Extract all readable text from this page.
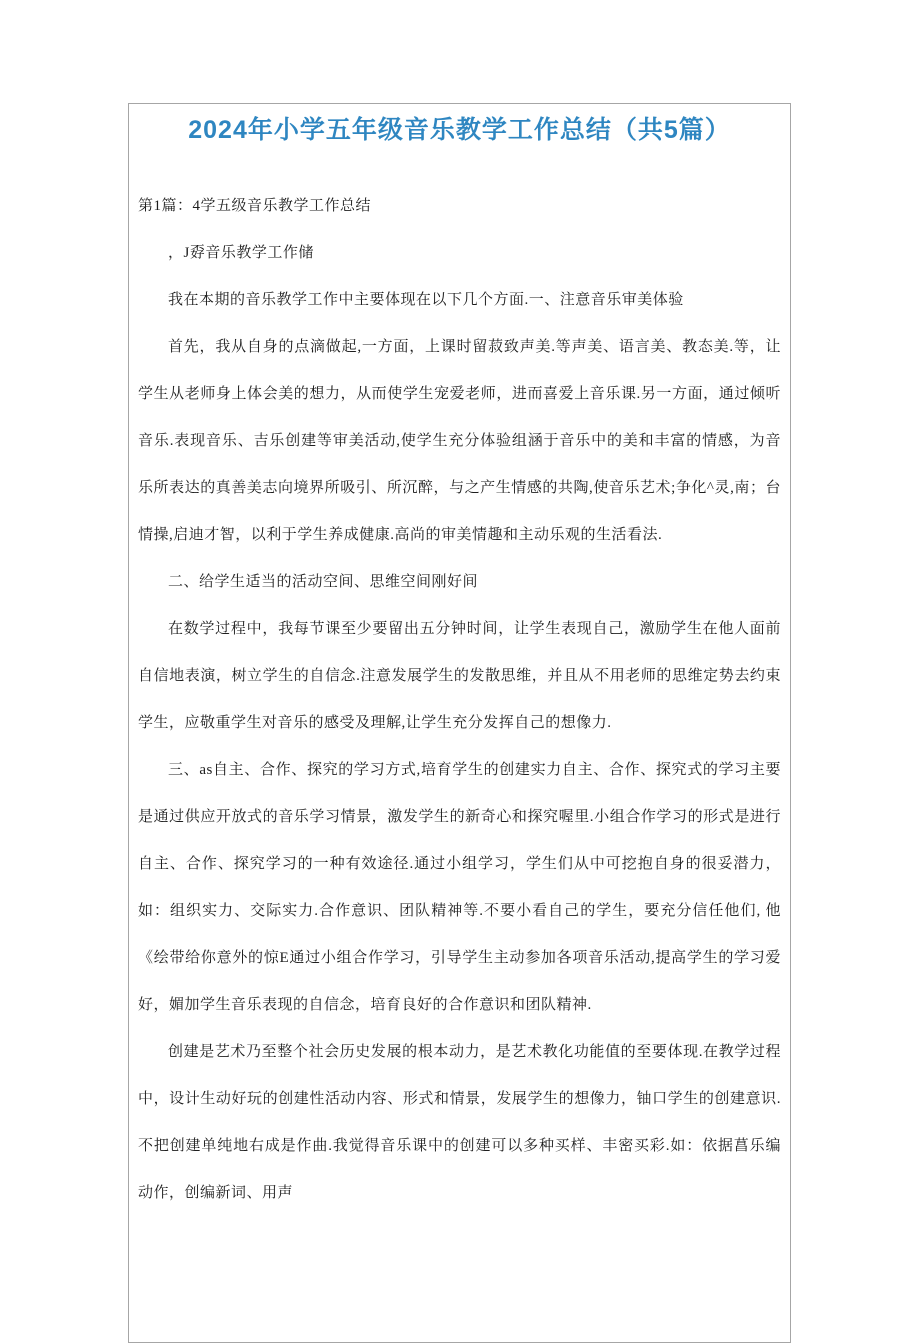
2024年小学五年级音乐教学工作总结（共5篇）

第1篇：4学五级音乐教学工作总结

，J孬音乐教学工作储

我在本期的音乐教学工作中主要体现在以下几个方面.一、注意音乐审美体验

首先，我从自身的点滴做起,一方面，上课时留菽致声美.等声美、语言美、教态美.等，让学生从老师身上体会美的想力，从而使学生宠爱老师，进而喜爱上音乐课.另一方面，通过倾听音乐.表现音乐、吉乐创建等审美活动,使学生充分体验组涵于音乐中的美和丰富的情感，为音乐所表达的真善美志向境界所吸引、所沉醉，与之产生情感的共陶,使音乐艺术;争化^灵,南；台情操,启迪才智，以利于学生养成健康.高尚的审美情趣和主动乐观的生活看法.

二、给学生适当的活动空间、思维空间刚好间

在数学过程中，我每节课至少要留出五分钟时间，让学生表现自己，激励学生在他人面前自信地表演，树立学生的自信念.注意发展学生的发散思维，并且从不用老师的思维定势去约束学生，应敬重学生对音乐的感受及理解,让学生充分发挥自己的想像力.

三、as自主、合作、探究的学习方式,培育学生的创建实力自主、合作、探究式的学习主要是通过供应开放式的音乐学习情景，激发学生的新奇心和探究喔里.小组合作学习的形式是进行自主、合作、探究学习的一种有效途径.通过小组学习，学生们从中可挖抱自身的很妥潜力，如：组织实力、交际实力.合作意识、团队精神等.不要小看自己的学生，要充分信任他们, 他《绘带给你意外的惊E通过小组合作学习，引导学生主动参加各项音乐活动,提高学生的学习爱好，媚加学生音乐表现的自信念，培育良好的合作意识和团队精神.

创建是艺术乃至整个社会历史发展的根本动力，是艺术教化功能值的至要体现.在教学过程中，设计生动好玩的创建性活动内容、形式和情景，发展学生的想像力，铀口学生的创建意识.不把创建单纯地右成是作曲.我觉得音乐课中的创建可以多种买样、丰密买彩.如：依据菖乐编动作，创编新词、用声
